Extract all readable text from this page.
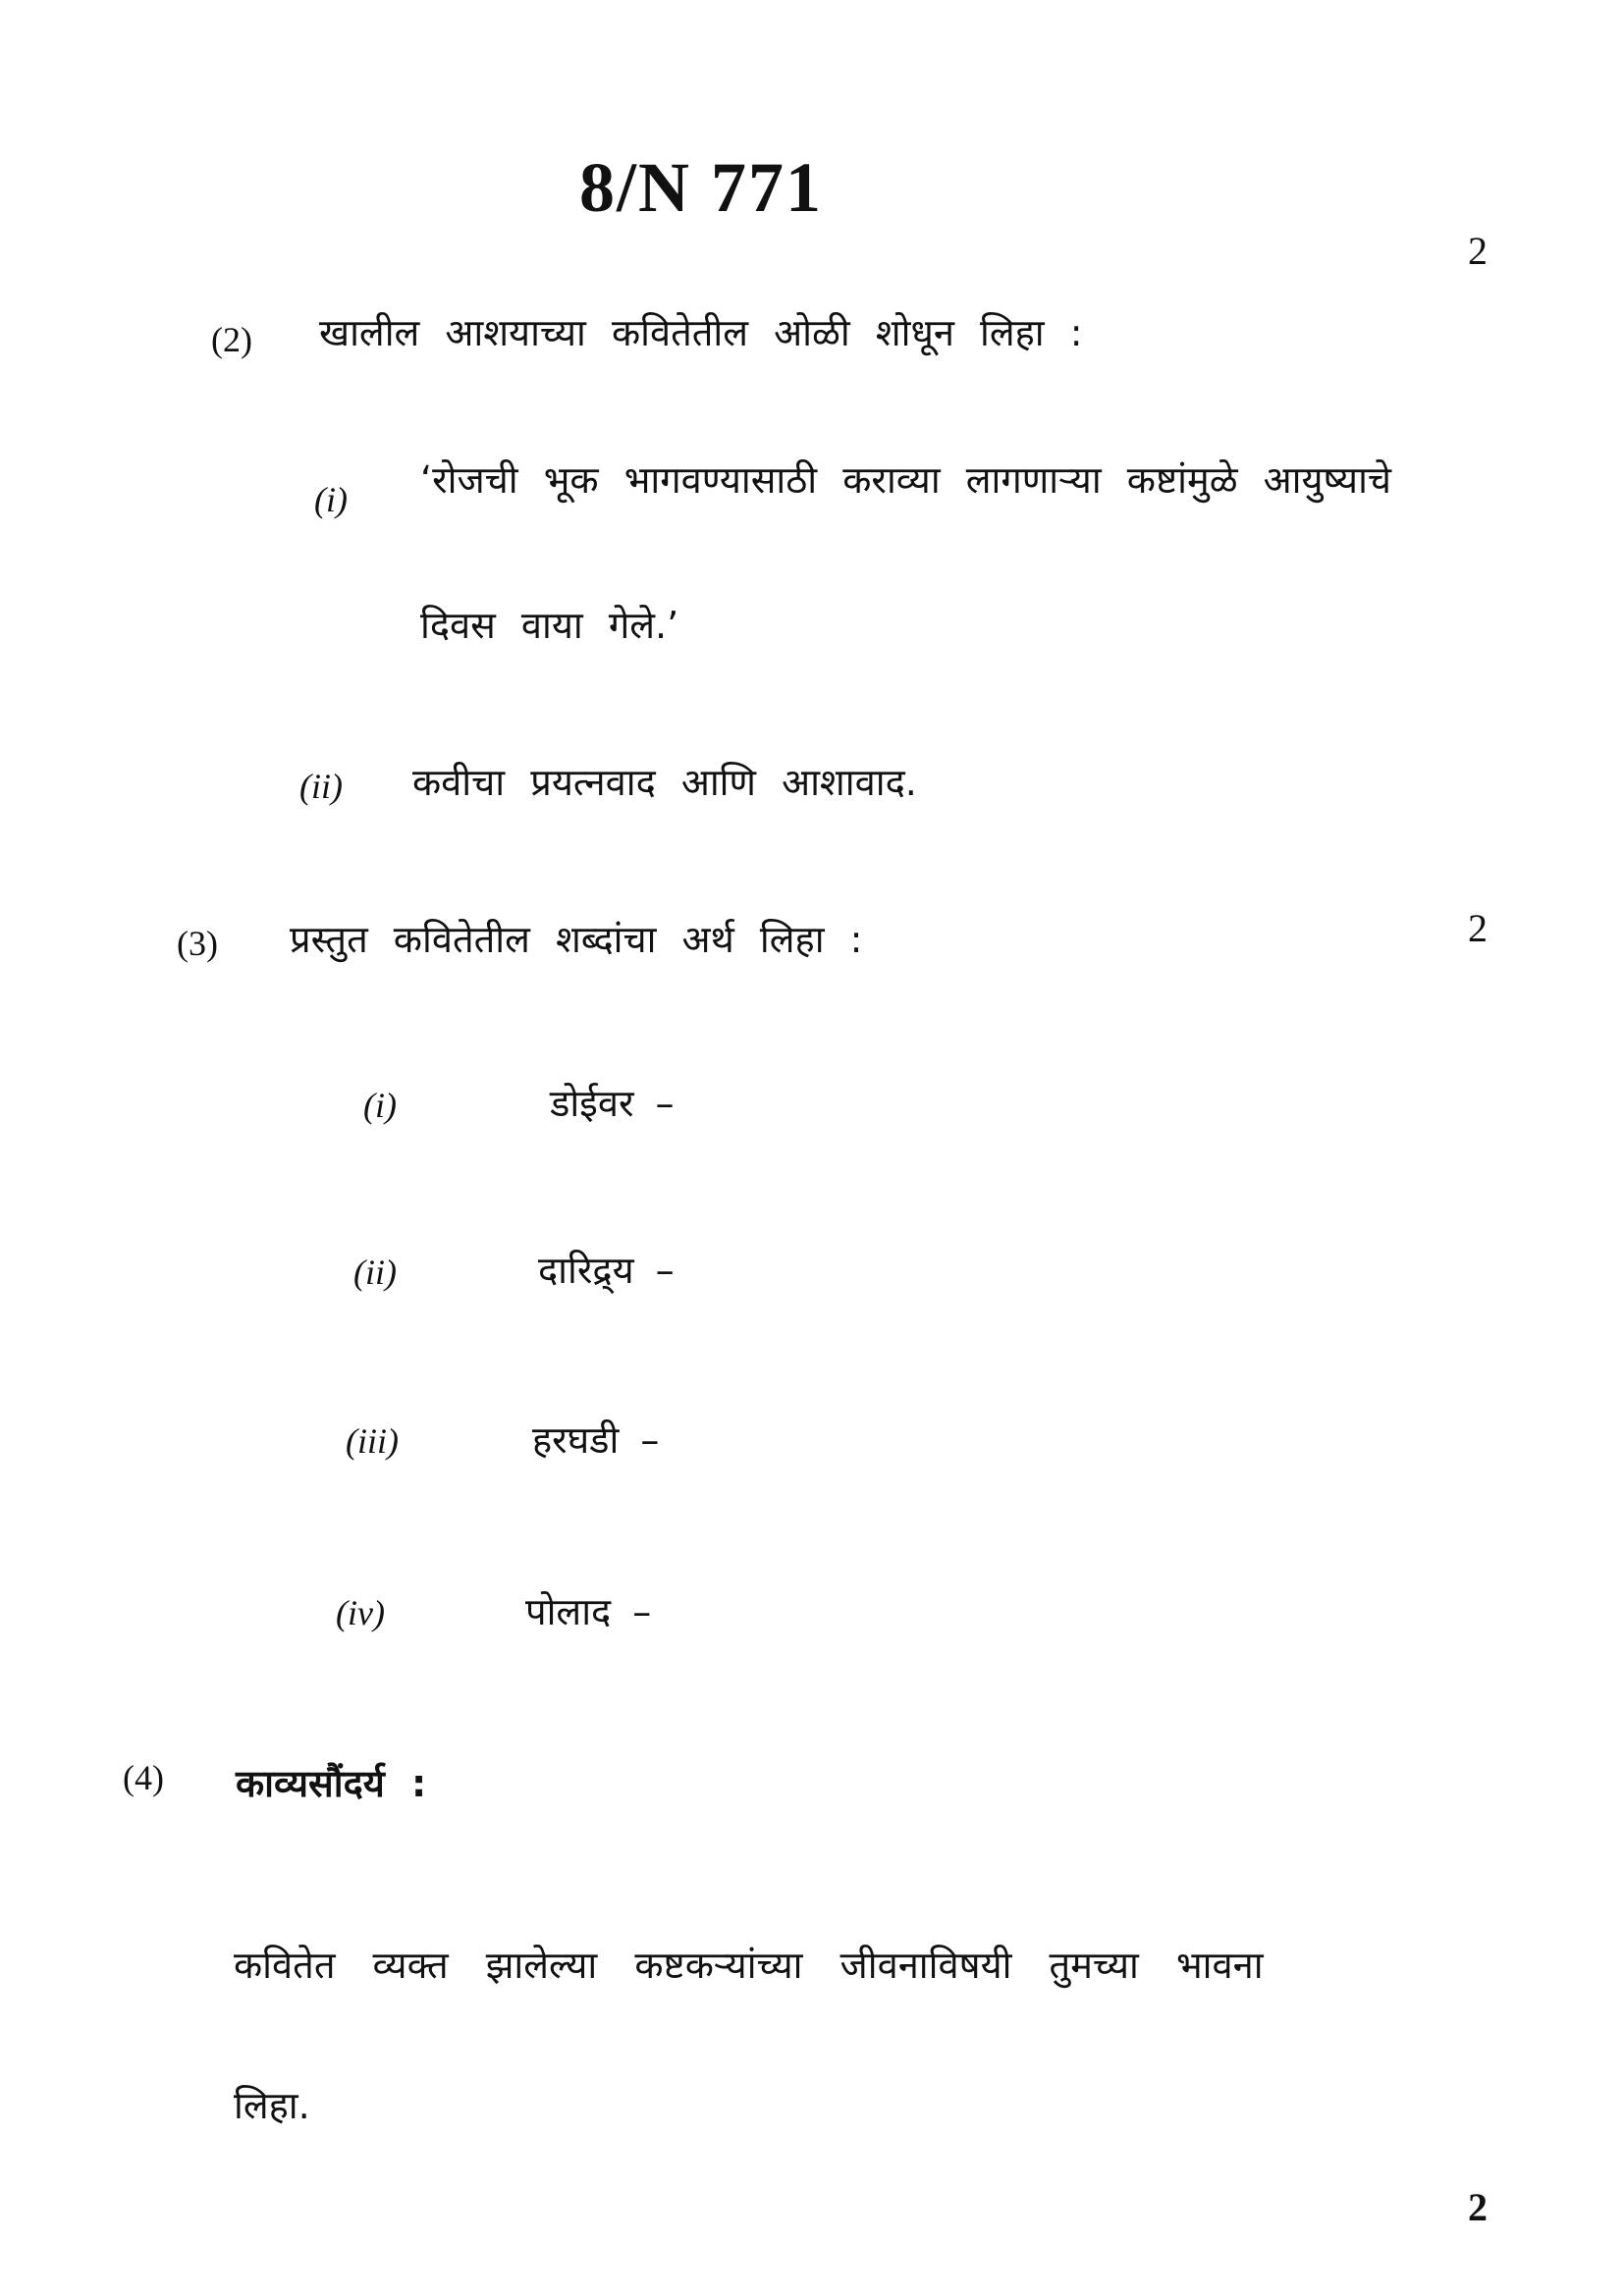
8/N 771
2
(2) खालील आशयाच्या कवितेतील ओळी शोधून लिहा :
(i) ‘रोजची भूक भागवण्यासाठी कराव्या लागणाऱ्या कष्टांमुळे आयुष्याचे
दिवस वाया गेले.’
(ii) कवीचा प्रयत्नवाद आणि आशावाद.
2
(3) प्रस्तुत कवितेतील शब्दांचा अर्थ लिहा :
(i)	डोईवर –
(ii)	दारिद्र्य –
(iii)	हरघडी –
(iv)	पोलाद –
(4) काव्यसौंदर्य :
कवितेत व्यक्त झालेल्या कष्टकऱ्यांच्या जीवनाविषयी तुमच्या भावना
लिहा.
2
